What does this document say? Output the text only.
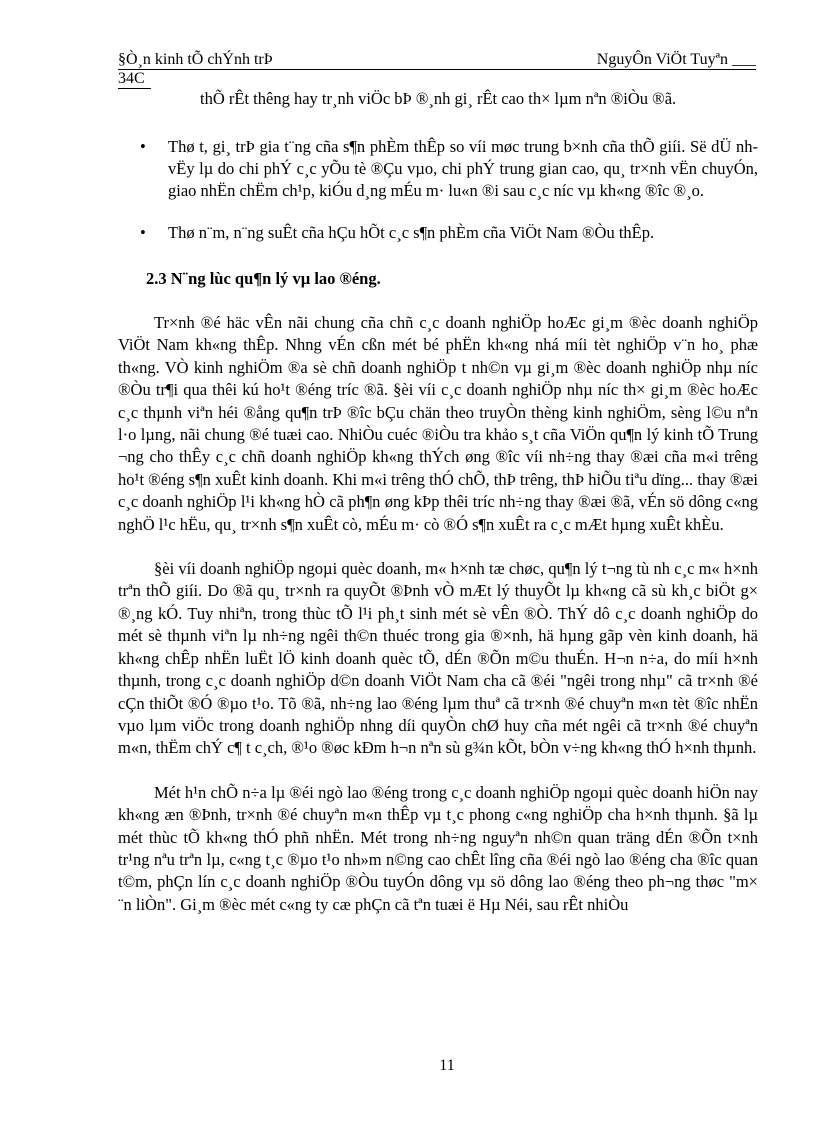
§Ò¸n kinh tÕ chÝnh trÞ	NguyÔn ViÖt Tuyªn ___
34C

thÕ rÊt thêng hay tr¸nh viÖc bÞ ®¸nh gi¸ rÊt cao th× lµm nªn ®iÒu ®ã.

• Thø t, gi¸ trÞ gia t¨ng cña s¶n phÈm thÊp so víi møc trung b×nh cña thÕ giíi. Së dÜ nh vËy lµ do chi phÝ c¸c yÕu tè ®Çu vµo, chi phÝ trung gian cao, qu¸ tr×nh vËn chuyÓn, giao nhËn chËm ch¹p, kiÓu d¸ng mÉu m· lu«n ®i sau c¸c níc vµ kh«ng ®îc ®¸o.
• Thø n¨m, n¨ng suÊt cña hÇu hÕt c¸c s¶n phÈm cña ViÖt Nam ®Òu thÊp.
2.3 N¨ng lùc qu¶n lý vµ lao ®éng.

Tr×nh ®é häc vÊn nãi chung cña chñ c¸c doanh nghiÖp hoÆc gi¸m ®èc doanh nghiÖp ViÖt Nam kh«ng thÊp. Nhng vÉn cßn mét bé phËn kh«ng nhá míi tèt nghiÖp v¨n ho¸ phæ th«ng. VÒ kinh nghiÖm ®a sè chñ doanh nghiÖp t nh©n vµ gi¸m ®èc doanh nghiÖp nhµ níc ®Òu tr¶i qua thêi kú ho¹t ®éng tríc ®ã. §èi víi c¸c doanh nghiÖp nhµ níc th× gi¸m ®èc hoÆc c¸c thµnh viªn héi ®ång qu¶n trÞ ®îc bÇu chän theo truyÒn thèng kinh nghiÖm, sèng l©u nªn l·o lµng, nãi chung ®é tuæi cao. NhiÒu cuéc ®iÒu tra khảo s¸t cña ViÖn qu¶n lý kinh tÕ Trung ¬ng cho thÊy c¸c chñ doanh nghiÖp kh«ng thÝch øng ®îc víi nh÷ng thay ®æi cña m«i trêng ho¹t ®éng s¶n xuÊt kinh doanh. Khi m«i trêng thÓ chÕ, thÞ trêng, thÞ hiÕu tiªu dïng... thay ®æi c¸c doanh nghiÖp l¹i kh«ng hÒ cã ph¶n øng kÞp thêi tríc nh÷ng thay ®æi ®ã, vÉn sö dông c«ng nghÖ l¹c hËu, qu¸ tr×nh s¶n xuÊt cò, mÉu m· cò ®Ó s¶n xuÊt ra c¸c mÆt hµng xuÊt khÈu.

§èi víi doanh nghiÖp ngoµi quèc doanh, m« h×nh tæ chøc, qu¶n lý t¬ng tù nh c¸c m« h×nh trªn thÕ giíi. Do ®ã qu¸ tr×nh ra quyÕt ®Þnh vÒ mÆt lý thuyÕt lµ kh«ng cã sù kh¸c biÖt g× ®¸ng kÓ. Tuy nhiªn, trong thùc tÕ l¹i ph¸t sinh mét sè vÊn ®Ò. ThÝ dô c¸c doanh nghiÖp do mét sè thµnh viªn lµ nh÷ng ngêi th©n thuéc trong gia ®×nh, hä hµng gãp vèn kinh doanh, hä kh«ng chÊp nhËn luËt lÖ kinh doanh quèc tÕ, dÉn ®Õn m©u thuÉn. H¬n n÷a, do míi h×nh thµnh, trong c¸c doanh nghiÖp d©n doanh ViÖt Nam cha cã ®éi "ngêi trong nhµ" cã tr×nh ®é cÇn thiÕt ®Ó ®µo t¹o. Tõ ®ã, nh÷ng lao ®éng lµm thuª cã tr×nh ®é chuyªn m«n tèt ®îc nhËn vµo lµm viÖc trong doanh nghiÖp nhng díi quyÒn chØ huy cña mét ngêi cã tr×nh ®é chuyªn m«n, thËm chÝ c¶ t c¸ch, ®¹o ®øc kÐm h¬n nªn sù g¾n kÕt, bÒn v÷ng kh«ng thÓ h×nh thµnh.

Mét h¹n chÕ n÷a lµ ®éi ngò lao ®éng trong c¸c doanh nghiÖp ngoµi quèc doanh hiÖn nay kh«ng æn ®Þnh, tr×nh ®é chuyªn m«n thÊp vµ t¸c phong c«ng nghiÖp cha h×nh thµnh. §ã lµ mét thùc tÕ kh«ng thÓ phñ nhËn. Mét trong nh÷ng nguyªn nh©n quan träng dÉn ®Õn t×nh tr¹ng nªu trªn lµ, c«ng t¸c ®µo t¹o nh»m n©ng cao chÊt lîng cña ®éi ngò lao ®éng cha ®îc quan t©m, phÇn lín c¸c doanh nghiÖp ®Òu tuyÓn dông vµ sö dông lao ®éng theo ph¬ng thøc "m× ¨n liÒn". Gi¸m ®èc mét c«ng ty cæ phÇn cã tªn tuæi ë Hµ Néi, sau rÊt nhiÒu

11
